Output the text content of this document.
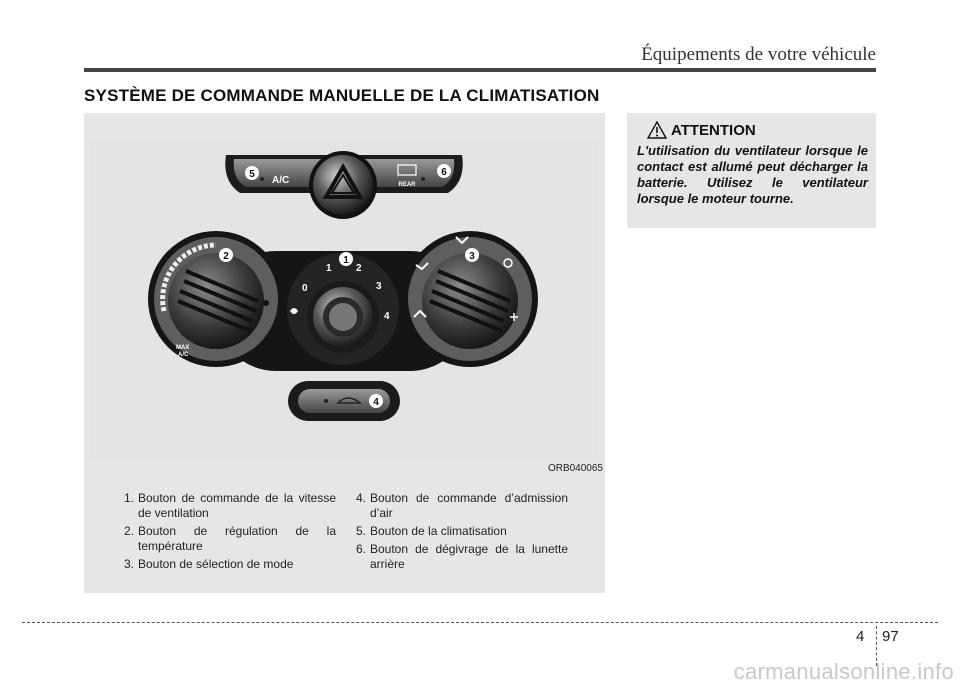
Équipements de votre véhicule
SYSTÈME DE COMMANDE MANUELLE DE LA CLIMATISATION
A/C	REAR
MAX
A/C
0
1 2
3
4
1
2	3
4
5	6
ORB040065
1. Bouton de commande de la vitesse de ventilation
2. Bouton de régulation de la température
3. Bouton de sélection de mode
4. Bouton de commande d’admission d’air
5. Bouton de la climatisation
6. Bouton de dégivrage de la lunette arrière
ATTENTION
L'utilisation du ventilateur lorsque le contact est allumé peut décharger la batterie. Utilisez le ventilateur lorsque le moteur tourne.
4 97
carmanualsonline.info
